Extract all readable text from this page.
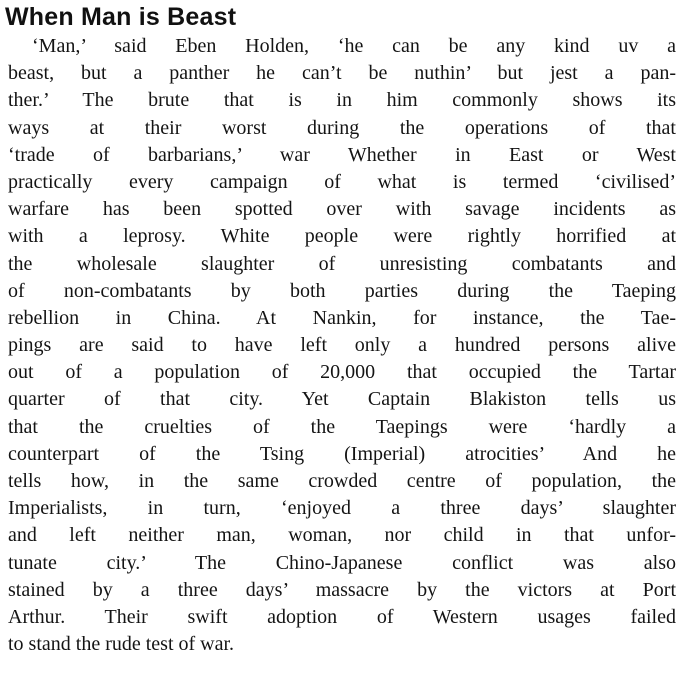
When Man is Beast
‘Man,’ said Eben Holden, ‘he can be any kind uv a
beast, but a panther he can’t be nuthin’ but jest a pan-
ther.’ The brute that is in him commonly shows its
ways at their worst during the operations of that
‘trade of barbarians,’ war Whether in East or West
practically every campaign of what is termed ‘civilised’
warfare has been spotted over with savage incidents as
with a leprosy. White people were rightly horrified at
the wholesale slaughter of unresisting combatants and
of non-combatants by both parties during the Taeping
rebellion in China. At Nankin, for instance, the Tae-
pings are said to have left only a hundred persons alive
out of a population of 20,000 that occupied the Tartar
quarter of that city. Yet Captain Blakiston tells us
that the cruelties of the Taepings were ‘hardly a
counterpart of the Tsing (Imperial) atrocities’ And he
tells how, in the same crowded centre of population, the
Imperialists, in turn, ‘enjoyed a three days’ slaughter
and left neither man, woman, nor child in that unfor-
tunate city.’ The Chino-Japanese conflict was also
stained by a three days’ massacre by the victors at Port
Arthur. Their swift adoption of Western usages failed
to stand the rude test of war.
